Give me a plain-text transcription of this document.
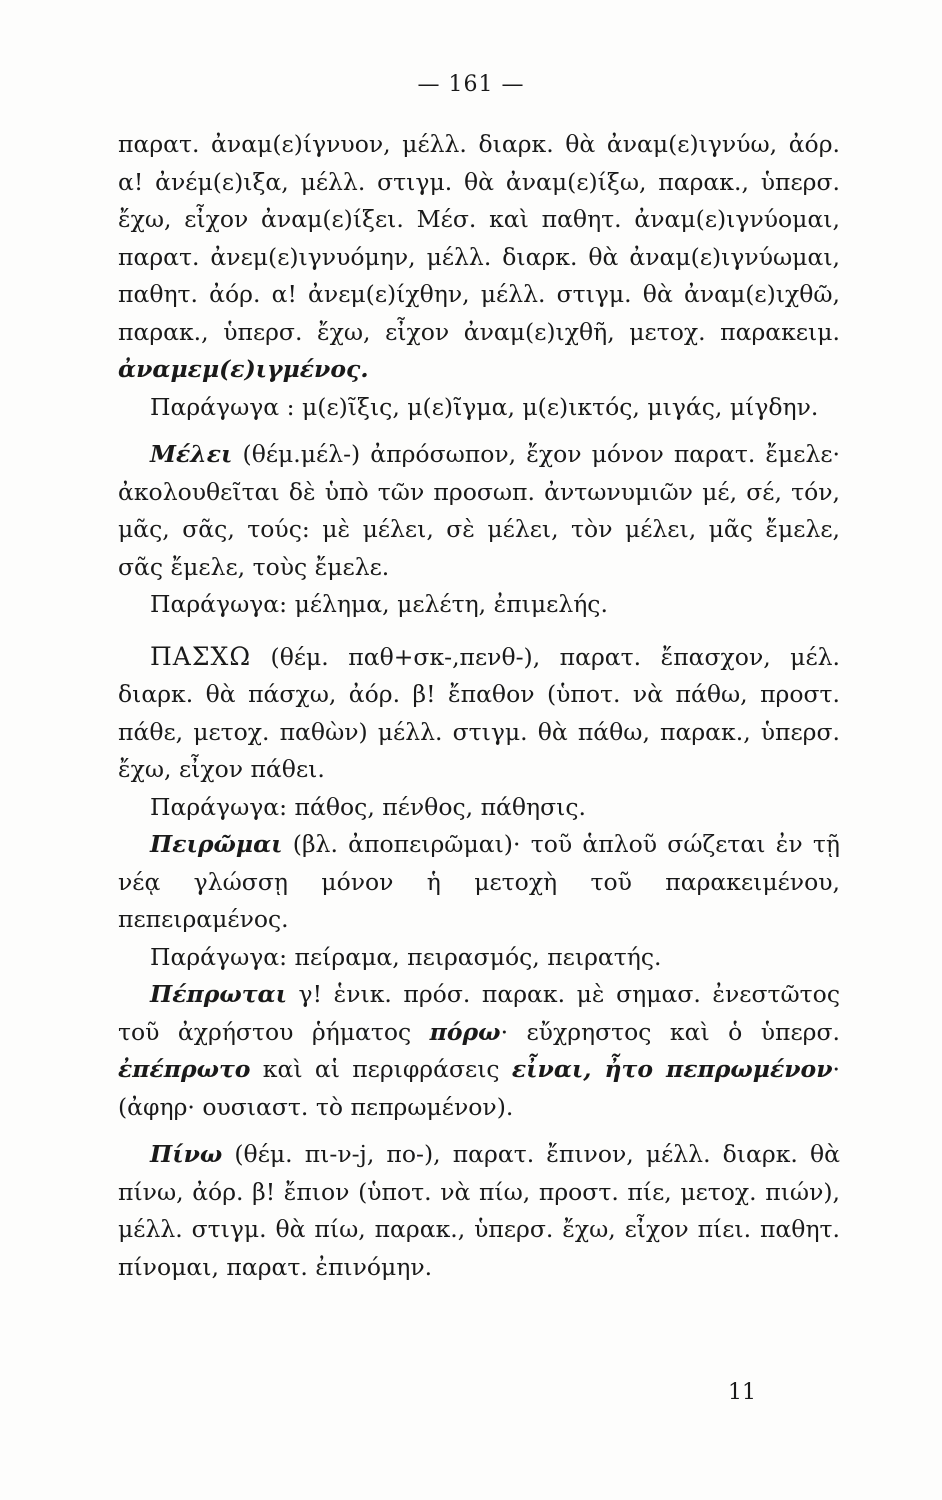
— 161 —

παρατ. ἀναμ(ε)ίγνυον, μέλλ. διαρκ. θὰ ἀναμ(ε)ιγνύω, ἀόρ. α! ἀνέμ(ε)ιξα, μέλλ. στιγμ. θὰ ἀναμ(ε)ίξω, παρακ., ὑπερσ. ἔχω, εἶχον ἀναμ(ε)ίξει. Μέσ. καὶ παθητ. ἀναμ(ε)ιγνύομαι, παρατ. ἀνεμ(ε)ιγνυόμην, μέλλ. διαρκ. θὰ ἀναμ(ε)ιγνύωμαι, παθητ. ἀόρ. α! ἀνεμ(ε)ίχθην, μέλλ. στιγμ. θὰ ἀναμ(ε)ιχθῶ, παρακ., ὑπερσ. ἔχω, εἶχον ἀναμ(ε)ιχθῆ, μετοχ. παρακειμ. ἀναμεμ(ε)ιγμένος.

Παράγωγα : μ(ε)ῖξις, μ(ε)ῖγμα, μ(ε)ικτός, μιγάς, μίγδην.

Μέλει (θέμ.μέλ-) ἀπρόσωπον, ἔχον μόνον παρατ. ἔμελε· ἀκολουθεῖται δὲ ὑπὸ τῶν προσωπ. ἀντωνυμιῶν μέ, σέ, τόν, μᾶς, σᾶς, τούς: μὲ μέλει, σὲ μέλει, τὸν μέλει, μᾶς ἔμελε, σᾶς ἔμελε, τοὺς ἔμελε.

Παράγωγα: μέλημα, μελέτη, ἐπιμελής.

ΠΑΣΧΩ (θέμ. παθ+σκ-,πενθ-), παρατ. ἔπασχον, μέλ. διαρκ. θὰ πάσχω, ἀόρ. β! ἔπαθον (ὑποτ. νὰ πάθω, προστ. πάθε, μετοχ. παθὼν) μέλλ. στιγμ. θὰ πάθω, παρακ., ὑπερσ. ἔχω, εἶχον πάθει.

Παράγωγα: πάθος, πένθος, πάθησις.

Πειρῶμαι (βλ. ἀποπειρῶμαι)· τοῦ ἁπλοῦ σώζεται ἐν τῇ νέᾳ γλώσσῃ μόνον ἡ μετοχὴ τοῦ παρακειμένου, πεπειραμένος.

Παράγωγα: πείραμα, πειρασμός, πειρατής.

Πέπρωται γ! ἑνικ. πρόσ. παρακ. μὲ σημασ. ἐνεστῶτος τοῦ ἀχρήστου ῥήματος πόρω· εὔχρηστος καὶ ὁ ὑπερσ. ἐπέπρωτο καὶ αἱ περιφράσεις εἶναι, ἦτο πεπρωμένον· (ἀφηρ· ουσιαστ. τὸ πεπρωμένον).

Πίνω (θέμ. πι-ν-j, πο-), παρατ. ἔπινον, μέλλ. διαρκ. θὰ πίνω, ἀόρ. β! ἔπιον (ὑποτ. νὰ πίω, προστ. πίε, μετοχ. πιών), μέλλ. στιγμ. θὰ πίω, παρακ., ὑπερσ. ἔχω, εἶχον πίει. παθητ. πίνομαι, παρατ. ἐπινόμην.

11
